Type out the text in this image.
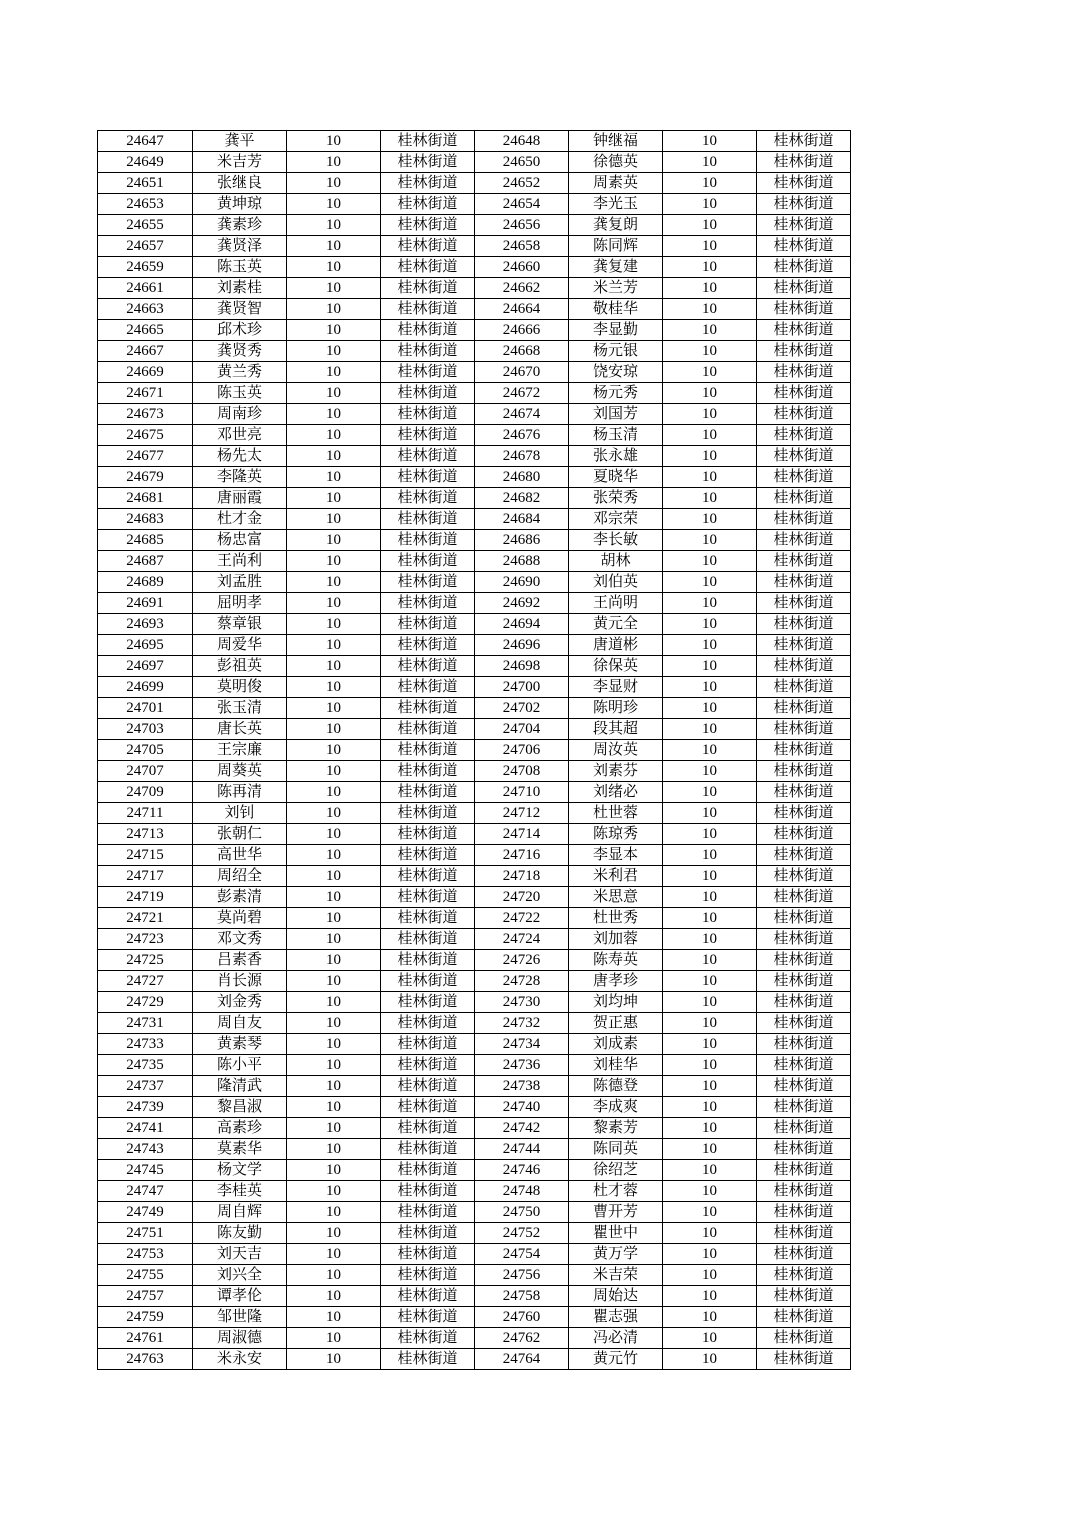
24647	龚平	10	桂林街道	24648	钟继福	10	桂林街道
24649	米吉芳	10	桂林街道	24650	徐德英	10	桂林街道
24651	张继良	10	桂林街道	24652	周素英	10	桂林街道
24653	黄坤琼	10	桂林街道	24654	李光玉	10	桂林街道
24655	龚素珍	10	桂林街道	24656	龚复朗	10	桂林街道
24657	龚贤泽	10	桂林街道	24658	陈同辉	10	桂林街道
24659	陈玉英	10	桂林街道	24660	龚复建	10	桂林街道
24661	刘素桂	10	桂林街道	24662	米兰芳	10	桂林街道
24663	龚贤智	10	桂林街道	24664	敬桂华	10	桂林街道
24665	邱术珍	10	桂林街道	24666	李显勤	10	桂林街道
24667	龚贤秀	10	桂林街道	24668	杨元银	10	桂林街道
24669	黄兰秀	10	桂林街道	24670	饶安琼	10	桂林街道
24671	陈玉英	10	桂林街道	24672	杨元秀	10	桂林街道
24673	周南珍	10	桂林街道	24674	刘国芳	10	桂林街道
24675	邓世亮	10	桂林街道	24676	杨玉清	10	桂林街道
24677	杨先太	10	桂林街道	24678	张永雄	10	桂林街道
24679	李隆英	10	桂林街道	24680	夏晓华	10	桂林街道
24681	唐丽霞	10	桂林街道	24682	张荣秀	10	桂林街道
24683	杜才金	10	桂林街道	24684	邓宗荣	10	桂林街道
24685	杨忠富	10	桂林街道	24686	李长敏	10	桂林街道
24687	王尚利	10	桂林街道	24688	胡林	10	桂林街道
24689	刘孟胜	10	桂林街道	24690	刘伯英	10	桂林街道
24691	屈明孝	10	桂林街道	24692	王尚明	10	桂林街道
24693	蔡章银	10	桂林街道	24694	黄元全	10	桂林街道
24695	周爱华	10	桂林街道	24696	唐道彬	10	桂林街道
24697	彭祖英	10	桂林街道	24698	徐保英	10	桂林街道
24699	莫明俊	10	桂林街道	24700	李显财	10	桂林街道
24701	张玉清	10	桂林街道	24702	陈明珍	10	桂林街道
24703	唐长英	10	桂林街道	24704	段其超	10	桂林街道
24705	王宗廉	10	桂林街道	24706	周汝英	10	桂林街道
24707	周葵英	10	桂林街道	24708	刘素芬	10	桂林街道
24709	陈再清	10	桂林街道	24710	刘绪必	10	桂林街道
24711	刘钊	10	桂林街道	24712	杜世蓉	10	桂林街道
24713	张朝仁	10	桂林街道	24714	陈琼秀	10	桂林街道
24715	高世华	10	桂林街道	24716	李显本	10	桂林街道
24717	周绍全	10	桂林街道	24718	米利君	10	桂林街道
24719	彭素清	10	桂林街道	24720	米思意	10	桂林街道
24721	莫尚碧	10	桂林街道	24722	杜世秀	10	桂林街道
24723	邓文秀	10	桂林街道	24724	刘加蓉	10	桂林街道
24725	吕素香	10	桂林街道	24726	陈寿英	10	桂林街道
24727	肖长源	10	桂林街道	24728	唐孝珍	10	桂林街道
24729	刘金秀	10	桂林街道	24730	刘均坤	10	桂林街道
24731	周自友	10	桂林街道	24732	贺正惠	10	桂林街道
24733	黄素琴	10	桂林街道	24734	刘成素	10	桂林街道
24735	陈小平	10	桂林街道	24736	刘桂华	10	桂林街道
24737	隆清武	10	桂林街道	24738	陈德登	10	桂林街道
24739	黎昌淑	10	桂林街道	24740	李成爽	10	桂林街道
24741	高素珍	10	桂林街道	24742	黎素芳	10	桂林街道
24743	莫素华	10	桂林街道	24744	陈同英	10	桂林街道
24745	杨文学	10	桂林街道	24746	徐绍芝	10	桂林街道
24747	李桂英	10	桂林街道	24748	杜才蓉	10	桂林街道
24749	周自辉	10	桂林街道	24750	曹开芳	10	桂林街道
24751	陈友勤	10	桂林街道	24752	瞿世中	10	桂林街道
24753	刘天吉	10	桂林街道	24754	黄万学	10	桂林街道
24755	刘兴全	10	桂林街道	24756	米吉荣	10	桂林街道
24757	谭孝伦	10	桂林街道	24758	周始达	10	桂林街道
24759	邹世隆	10	桂林街道	24760	瞿志强	10	桂林街道
24761	周淑德	10	桂林街道	24762	冯必清	10	桂林街道
24763	米永安	10	桂林街道	24764	黄元竹	10	桂林街道
